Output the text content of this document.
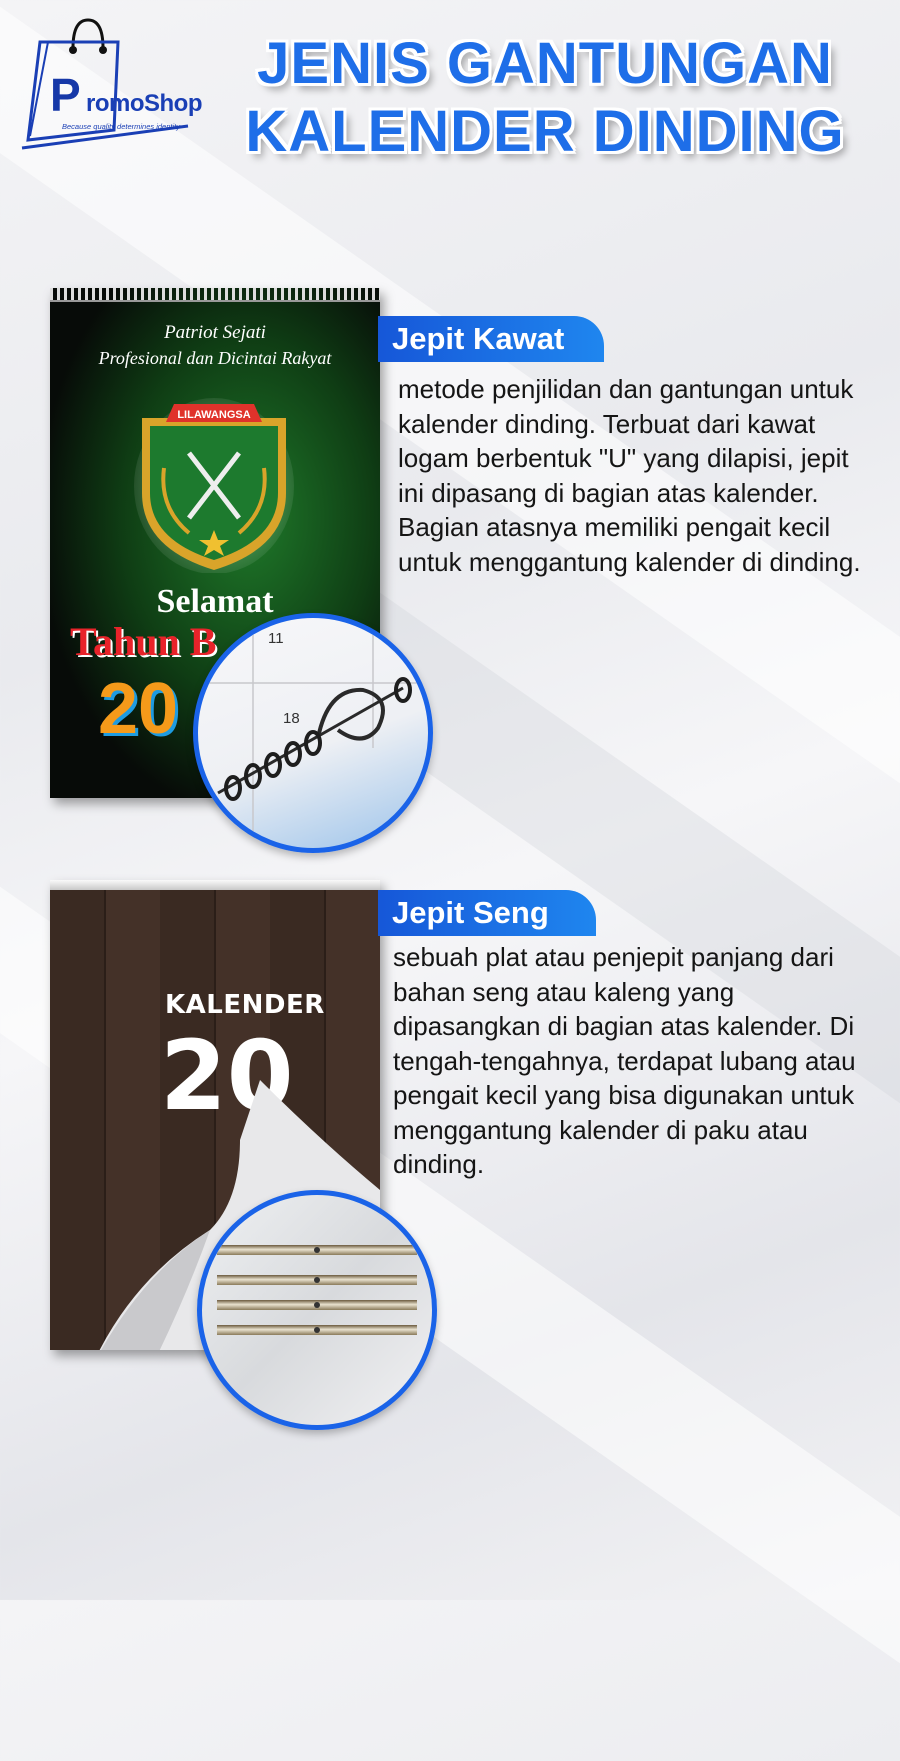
P romoShop
Because quality determines identity
JENIS GANTUNGAN
KALENDER DINDING
Patriot Sejati
Profesional dan Dicintai Rakyat
LILAWANGSA
Selamat
Tahun B
20
11
18
Jepit Kawat
metode penjilidan dan gantungan untuk kalender dinding. Terbuat dari kawat logam berbentuk "U" yang dilapisi, jepit ini dipasang di bagian atas kalender. Bagian atasnya memiliki pengait kecil untuk menggantung kalender di dinding.
KALENDER
20
Jepit Seng
sebuah plat atau penjepit panjang dari bahan seng atau kaleng yang dipasangkan di bagian atas kalender. Di tengah-tengahnya, terdapat lubang atau pengait kecil yang bisa digunakan untuk menggantung kalender di paku atau dinding.
